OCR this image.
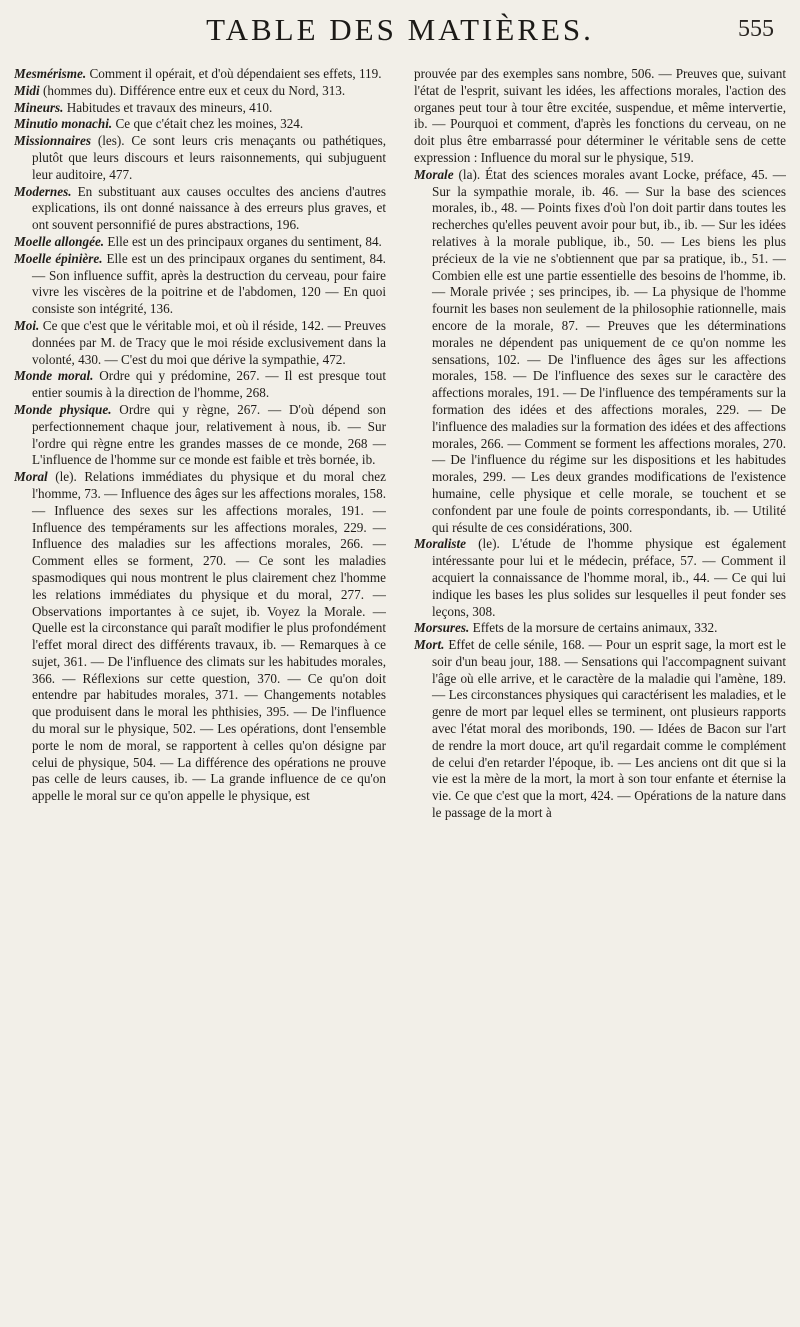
TABLE DES MATIÈRES.	555

Mesmérisme. Comment il opérait, et d'où dépendaient ses effets, 119.

Midi (hommes du). Différence entre eux et ceux du Nord, 313.

Mineurs. Habitudes et travaux des mineurs, 410.

Minutio monachi. Ce que c'était chez les moines, 324.

Missionnaires (les). Ce sont leurs cris menaçants ou pathétiques, plutôt que leurs discours et leurs raisonnements, qui subjuguent leur auditoire, 477.

Modernes. En substituant aux causes occultes des anciens d'autres explications, ils ont donné naissance à des erreurs plus graves, et ont souvent personnifié de pures abstractions, 196.

Moelle allongée. Elle est un des principaux organes du sentiment, 84.

Moelle épinière. Elle est un des principaux organes du sentiment, 84. — Son influence suffit, après la destruction du cerveau, pour faire vivre les viscères de la poitrine et de l'abdomen, 120 — En quoi consiste son intégrité, 136.

Moi. Ce que c'est que le véritable moi, et où il réside, 142. — Preuves données par M. de Tracy que le moi réside exclusivement dans la volonté, 430. — C'est du moi que dérive la sympathie, 472.

Monde moral. Ordre qui y prédomine, 267. — Il est presque tout entier soumis à la direction de l'homme, 268.

Monde physique. Ordre qui y règne, 267. — D'où dépend son perfectionnement chaque jour, relativement à nous, ib. — Sur l'ordre qui règne entre les grandes masses de ce monde, 268 — L'influence de l'homme sur ce monde est faible et très bornée, ib.

Moral (le). Relations immédiates du physique et du moral chez l'homme, 73. — Influence des âges sur les affections morales, 158. — Influence des sexes sur les affections morales, 191. — Influence des tempéraments sur les affections morales, 229. — Influence des maladies sur les affections morales, 266. — Comment elles se forment, 270. — Ce sont les maladies spasmodiques qui nous montrent le plus clairement chez l'homme les relations immédiates du physique et du moral, 277. — Observations importantes à ce sujet, ib. Voyez la Morale. — Quelle est la circonstance qui paraît modifier le plus profondément l'effet moral direct des différents travaux, ib. — Remarques à ce sujet, 361. — De l'influence des climats sur les habitudes morales, 366. — Réflexions sur cette question, 370. — Ce qu'on doit entendre par habitudes morales, 371. — Changements notables que produisent dans le moral les phthisies, 395. — De l'influence du moral sur le physique, 502. — Les opérations, dont l'ensemble porte le nom de moral, se rapportent à celles qu'on désigne par celui de physique, 504. — La différence des opérations ne prouve pas celle de leurs causes, ib. — La grande influence de ce qu'on appelle le moral sur ce qu'on appelle le physique, est

prouvée par des exemples sans nombre, 506. — Preuves que, suivant l'état de l'esprit, suivant les idées, les affections morales, l'action des organes peut tour à tour être excitée, suspendue, et même intervertie, ib. — Pourquoi et comment, d'après les fonctions du cerveau, on ne doit plus être embarrassé pour déterminer le véritable sens de cette expression : Influence du moral sur le physique, 519.

Morale (la). État des sciences morales avant Locke, préface, 45. — Sur la sympathie morale, ib. 46. — Sur la base des sciences morales, ib., 48. — Points fixes d'où l'on doit partir dans toutes les recherches qu'elles peuvent avoir pour but, ib., ib. — Sur les idées relatives à la morale publique, ib., 50. — Les biens les plus précieux de la vie ne s'obtiennent que par sa pratique, ib., 51. — Combien elle est une partie essentielle des besoins de l'homme, ib. — Morale privée ; ses principes, ib. — La physique de l'homme fournit les bases non seulement de la philosophie rationnelle, mais encore de la morale, 87. — Preuves que les déterminations morales ne dépendent pas uniquement de ce qu'on nomme les sensations, 102. — De l'influence des âges sur les affections morales, 158. — De l'influence des sexes sur le caractère des affections morales, 191. — De l'influence des tempéraments sur la formation des idées et des affections morales, 229. — De l'influence des maladies sur la formation des idées et des affections morales, 266. — Comment se forment les affections morales, 270. — De l'influence du régime sur les dispositions et les habitudes morales, 299. — Les deux grandes modifications de l'existence humaine, celle physique et celle morale, se touchent et se confondent par une foule de points correspondants, ib. — Utilité qui résulte de ces considérations, 300.

Moraliste (le). L'étude de l'homme physique est également intéressante pour lui et le médecin, préface, 57. — Comment il acquiert la connaissance de l'homme moral, ib., 44. — Ce qui lui indique les bases les plus solides sur lesquelles il peut fonder ses leçons, 308.

Morsures. Effets de la morsure de certains animaux, 332.

Mort. Effet de celle sénile, 168. — Pour un esprit sage, la mort est le soir d'un beau jour, 188. — Sensations qui l'accompagnent suivant l'âge où elle arrive, et le caractère de la maladie qui l'amène, 189. — Les circonstances physiques qui caractérisent les maladies, et le genre de mort par lequel elles se terminent, ont plusieurs rapports avec l'état moral des moribonds, 190. — Idées de Bacon sur l'art de rendre la mort douce, art qu'il regardait comme le complément de celui d'en retarder l'époque, ib. — Les anciens ont dit que si la vie est la mère de la mort, la mort à son tour enfante et éternise la vie. Ce que c'est que la mort, 424. — Opérations de la nature dans le passage de la mort à
